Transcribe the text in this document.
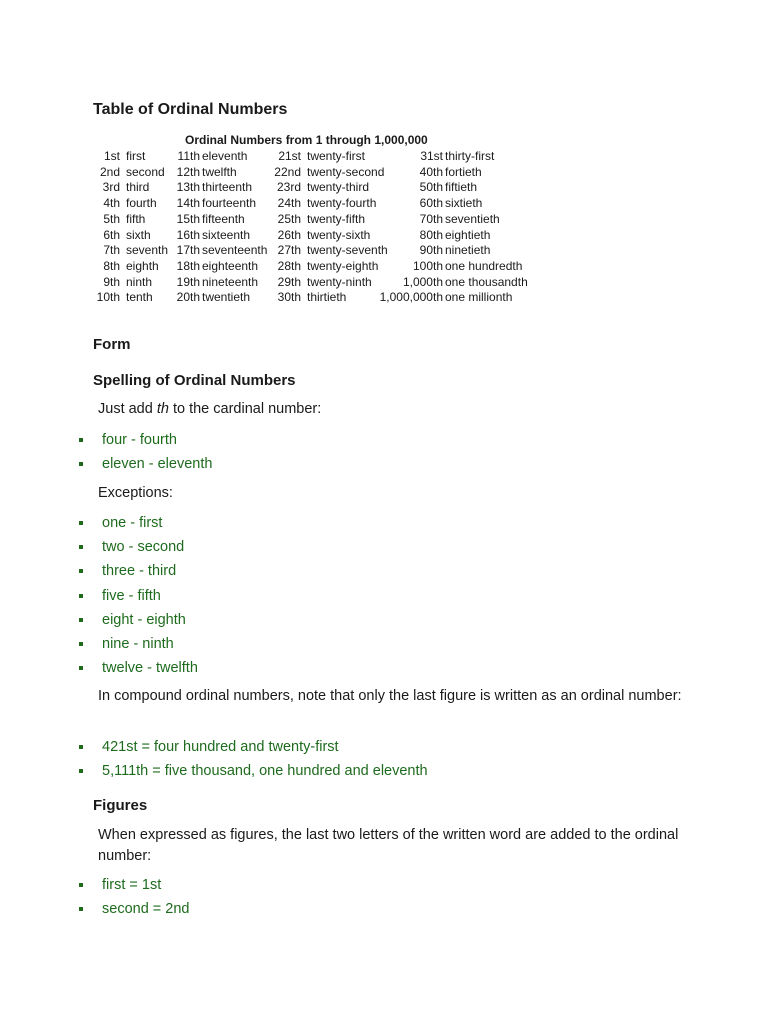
Table of Ordinal Numbers
Ordinal Numbers from 1 through 1,000,000
1st first	11th eleventh	21st twenty-first	31st thirty-first
2nd second 12th twelfth	22nd twenty-second	40th fortieth
3rd third 13th thirteenth 23rd twenty-third	50th fiftieth
4th fourth 14th fourteenth 24th twenty-fourth	60th sixtieth
5th fifth	15th fifteenth	25th twenty-fifth	70th seventieth
6th sixth 16th sixteenth 26th twenty-sixth	80th eightieth
7th seventh 17th seventeenth 27th twenty-seventh	90th ninetieth
8th eighth 18th eighteenth 28th twenty-eighth	100th one hundredth
9th ninth 19th nineteenth 29th twenty-ninth	1,000th one thousandth
10th tenth 20th twentieth 30th thirtieth	1,000,000th one millionth
Form
Spelling of Ordinal Numbers

Just add th to the cardinal number:

four - fourth
eleven - eleventh

Exceptions:

one - first
two - second
three - third
five - fifth
eight - eighth
nine - ninth
twelve - twelfth

In compound ordinal numbers, note that only the last figure is written as an ordinal number:

421st = four hundred and twenty-first
5,111th = five thousand, one hundred and eleventh
Figures

When expressed as figures, the last two letters of the written word are added to the ordinal number:

first = 1st
second = 2nd
